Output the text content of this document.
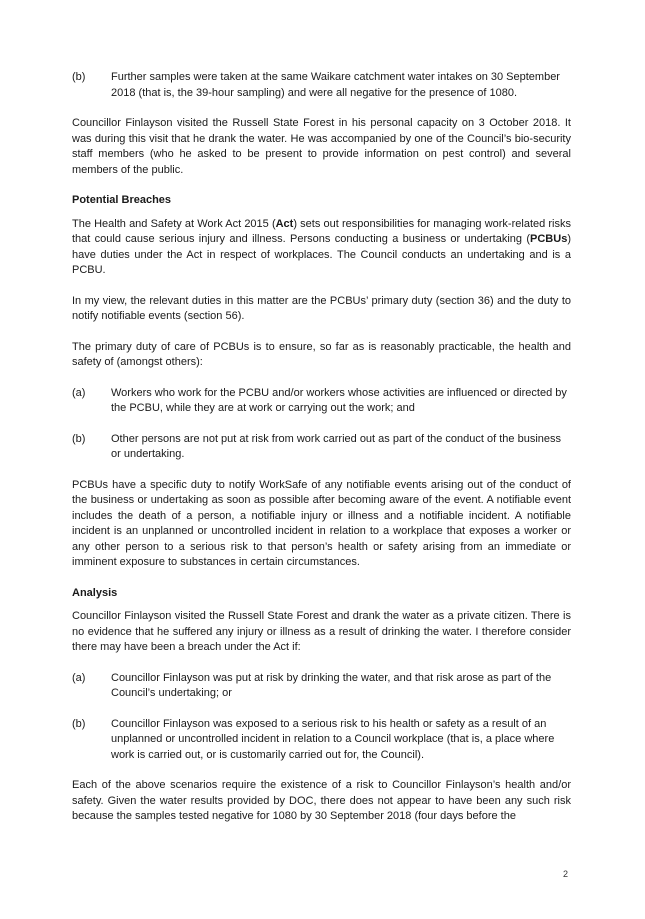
(b)	Further samples were taken at the same Waikare catchment water intakes on 30 September 2018 (that is, the 39-hour sampling) and were all negative for the presence of 1080.

Councillor Finlayson visited the Russell State Forest in his personal capacity on 3 October 2018. It was during this visit that he drank the water. He was accompanied by one of the Council’s bio-security staff members (who he asked to be present to provide information on pest control) and several members of the public.

Potential Breaches

The Health and Safety at Work Act 2015 (Act) sets out responsibilities for managing work-related risks that could cause serious injury and illness. Persons conducting a business or undertaking (PCBUs) have duties under the Act in respect of workplaces. The Council conducts an undertaking and is a PCBU.

In my view, the relevant duties in this matter are the PCBUs’ primary duty (section 36) and the duty to notify notifiable events (section 56).

The primary duty of care of PCBUs is to ensure, so far as is reasonably practicable, the health and safety of (amongst others):

(a)	Workers who work for the PCBU and/or workers whose activities are influenced or directed by the PCBU, while they are at work or carrying out the work; and
(b)	Other persons are not put at risk from work carried out as part of the conduct of the business or undertaking.

PCBUs have a specific duty to notify WorkSafe of any notifiable events arising out of the conduct of the business or undertaking as soon as possible after becoming aware of the event. A notifiable event includes the death of a person, a notifiable injury or illness and a notifiable incident. A notifiable incident is an unplanned or uncontrolled incident in relation to a workplace that exposes a worker or any other person to a serious risk to that person’s health or safety arising from an immediate or imminent exposure to substances in certain circumstances.

Analysis

Councillor Finlayson visited the Russell State Forest and drank the water as a private citizen. There is no evidence that he suffered any injury or illness as a result of drinking the water. I therefore consider there may have been a breach under the Act if:

(a)	Councillor Finlayson was put at risk by drinking the water, and that risk arose as part of the Council’s undertaking; or
(b)	Councillor Finlayson was exposed to a serious risk to his health or safety as a result of an unplanned or uncontrolled incident in relation to a Council workplace (that is, a place where work is carried out, or is customarily carried out for, the Council).

Each of the above scenarios require the existence of a risk to Councillor Finlayson’s health and/or safety. Given the water results provided by DOC, there does not appear to have been any such risk because the samples tested negative for 1080 by 30 September 2018 (four days before the

2
